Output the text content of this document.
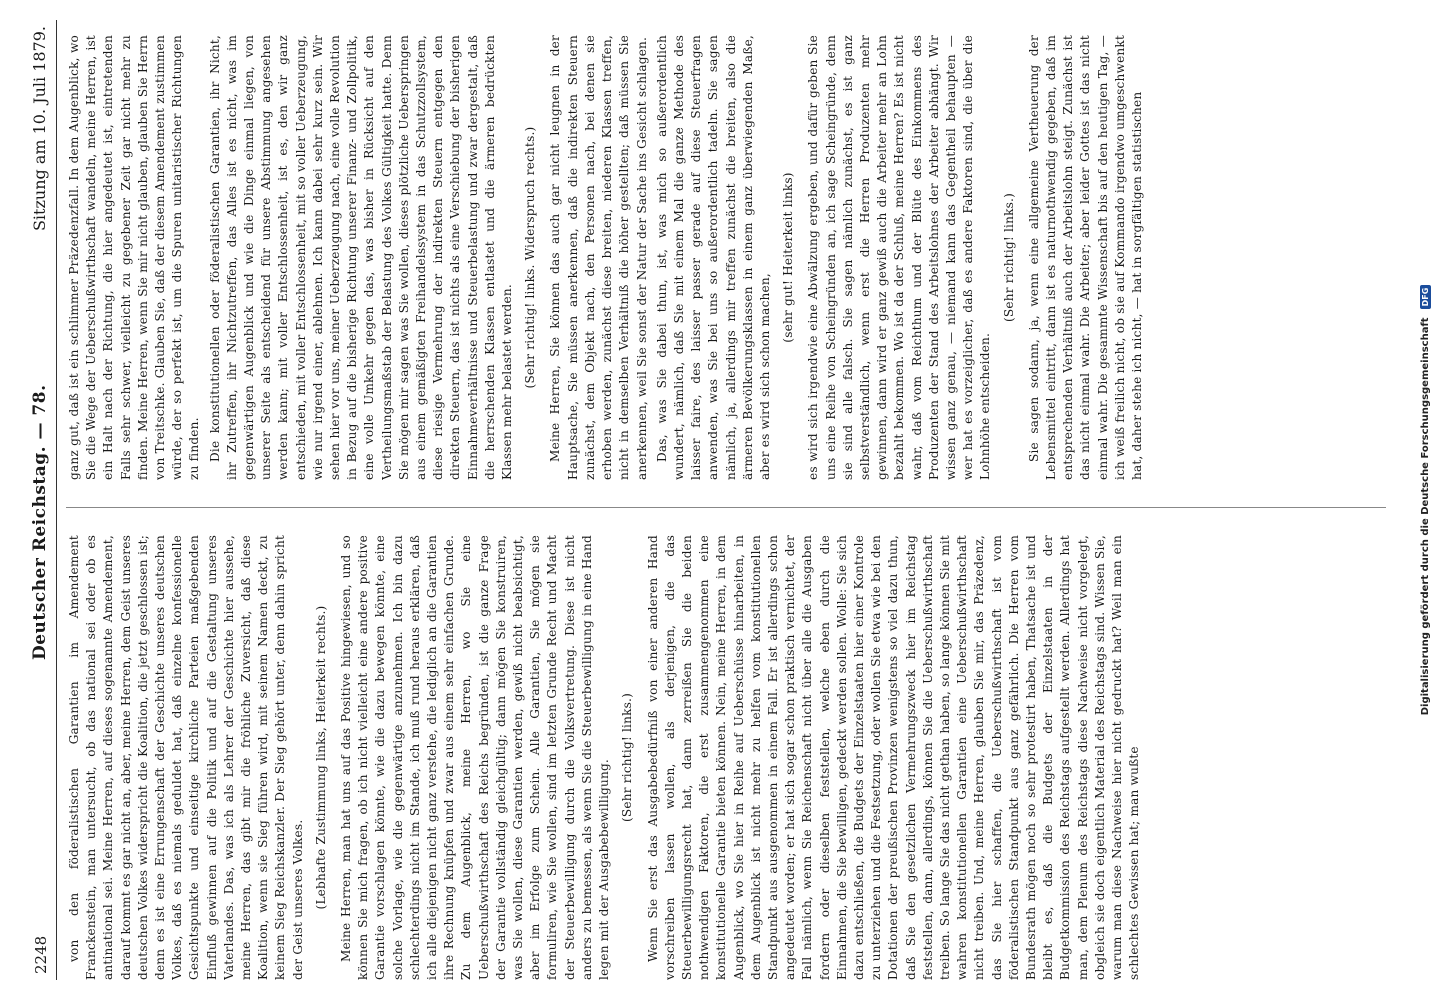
Digitalisierung gefördert durch die Deutsche Forschungsgemeinschaft
DFG
2248
Deutscher Reichstag. — 78.
Sitzung am 10. Juli 1879.

von den föderalistischen Garantien im Amendement Franckenstein, man untersucht, ob das national sei oder ob es antinational sei. Meine Herren, auf dieses sogenannte Amendement, darauf kommt es gar nicht an, aber, meine Herren, dem Geist unseres deutschen Volkes widerspricht die Koalition, die jetzt geschlossen ist; denn es ist eine Errungenschaft der Geschichte unseres deutschen Volkes, daß es niemals geduldet hat, daß einzelne konfessionelle Gesichtspunkte und einseitige kirchliche Parteien maßgebenden Einfluß gewinnen auf die Politik und auf die Gestaltung unseres Vaterlandes. Das, was ich als Lehrer der Geschichte hier aussehe, meine Herren, das gibt mir die fröhliche Zuversicht, daß diese Koalition, wenn sie Sieg führen wird, mit seinem Namen deckt, zu keinem Sieg Reichskanzler. Der Sieg gehört unter, denn dahin spricht der Geist unseres Volkes. (Lebhafte Zustimmung links, Heiterkeit rechts.) Meine Herren, man hat uns auf das Positive hingewiesen, und so können Sie mich fragen, ob ich nicht vielleicht eine andere positive Garantie vorschlagen könnte, wie die dazu bewegen könnte, eine solche Vorlage, wie die gegenwärtige anzunehmen. Ich bin dazu schlechterdings nicht im Stande, ich muß rund heraus erklären, daß ich alle diejenigen nicht ganz verstehe, die lediglich an die Garantien ihre Rechnung knüpfen und zwar aus einem sehr einfachen Grunde. Zu dem Augenblick, meine Herren, wo Sie eine Ueberschußwirthschaft des Reichs begründen, ist die ganze Frage der Garantie vollständig gleichgültig; dann mögen Sie konstruiren, was Sie wollen, diese Garantien werden, gewiß nicht beabsichtigt, aber im Erfolge zum Schein. Alle Garantien, Sie mögen sie formuliren, wie Sie wollen, sind im letzten Grunde Recht und Macht der Steuerbewilligung durch die Volksvertretung. Diese ist nicht anders zu bemessen, als wenn Sie die Steuerbewilligung in eine Hand legen mit der Ausgabebewilligung.

(Sehr richtig! links.) Wenn Sie erst das Ausgabebedürfniß von einer anderen Hand vorschreiben lassen wollen, als derjenigen, die das Steuerbewilligungsrecht hat, dann zerreißen Sie die beiden nothwendigen Faktoren, die erst zusammengenommen eine konstitutionelle Garantie bieten können. Nein, meine Herren, in dem Augenblick, wo Sie hier in Reihe auf Ueberschüsse hinarbeiten, in dem Augenblick ist nicht mehr zu helfen vom konstitutionellen Standpunkt aus ausgenommen in einem Fall. Er ist allerdings schon angedeutet worden; er hat sich sogar schon praktisch vernichtet, der Fall nämlich, wenn Sie Reichenschaft nicht über alle die Ausgaben fordern oder dieselben feststellen, welche eben durch die Einnahmen, die Sie bewilligen, gedeckt werden sollen. Wolle: Sie sich dazu entschließen, die Budgets der Einzelstaaten hier einer Kontrole zu unterziehen und die Festsetzung, oder wollen Sie etwa wie bei den Dotationen der preußischen Provinzen wenigstens so viel dazu thun, daß Sie den gesetzlichen Vermehrungszweck hier im Reichstag feststellen, dann, allerdings, können Sie die Ueberschußwirthschaft treiben. So lange Sie das nicht gethan haben, so lange können Sie mit wahren konstitutionellen Garantien eine Ueberschußwirthschaft nicht treiben. Und, meine Herren, glauben Sie mir, das Präzedenz, das Sie hier schaffen, die Ueberschußwirthschaft ist vom föderalistischen Standpunkt aus ganz gefährlich. Die Herren vom Bundesrath mögen noch so sehr protestirt haben, Thatsache ist und bleibt es, daß die Budgets der Einzelstaaten in der Budgetkommission des Reichstags aufgestellt werden. Allerdings hat man, dem Plenum des Reichstags diese Nachweise nicht vorgelegt, obgleich sie doch eigentlich Material des Reichstags sind. Wissen Sie, warum man diese Nachweise hier nicht gedruckt hat? Weil man ein schlechtes Gewissen hat; man wußte

ganz gut, daß ist ein schlimmer Präzedenzfall. In dem Augenblick, wo Sie die Wege der Ueberschußwirthschaft wandeln, meine Herren, ist ein Halt nach der Richtung, die hier angedeutet ist, eintretenden Falls sehr schwer, vielleicht zu gegebener Zeit gar nicht mehr zu finden. Meine Herren, wenn Sie mir nicht glauben, glauben Sie Herrn von Treitschke. Glauben Sie, daß der diesem Amendement zustimmen würde, der so perfekt ist, um die Spuren unitaristischer Richtungen zu finden. Die konstitutionellen oder föderalistischen Garantien, ihr Nicht, ihr Zutreffen, ihr Nichtzutreffen, das Alles ist es nicht, was im gegenwärtigen Augenblick und wie die Dinge einmal liegen, von unserer Seite als entscheidend für unsere Abstimmung angesehen werden kann; mit voller Entschlossenheit, ist es, den wir ganz entschieden, mit voller Entschlossenheit, mit so voller Ueberzeugung, wie nur irgend einer, ablehnen. Ich kann dabei sehr kurz sein. Wir sehen hier vor uns, meiner Ueberzeugung nach, eine volle Revolution in Bezug auf die bisherige Richtung unserer Finanz- und Zollpolitik, eine volle Umkehr gegen das, was bisher in Rücksicht auf den Vertheilungsmaßstab der Belastung des Volkes Gültigkeit hatte. Denn Sie mögen mir sagen was Sie wollen, dieses plötzliche Ueberspringen aus einem gemäßigten Freihandelssystem in das Schutzzollsystem, diese riesige Vermehrung der indirekten Steuern entgegen den direkten Steuern, das ist nichts als eine Verschiebung der bisherigen Einnahmeverhältnisse und Steuerbelastung und zwar dergestalt, daß die herrschenden Klassen entlastet und die ärmeren bedrückten Klassen mehr belastet werden. (Sehr richtig! links. Widerspruch rechts.) Meine Herren, Sie können das auch gar nicht leugnen in der Hauptsache, Sie müssen anerkennen, daß die indirekten Steuern zunächst, dem Objekt nach, den Personen nach, bei denen sie erhoben werden, zunächst diese breiten, niederen Klassen treffen, nicht in demselben Verhältniß die höher gestellten; daß müssen Sie anerkennen, weil Sie sonst der Natur der Sache ins Gesicht schlagen. Das, was Sie dabei thun, ist, was mich so außerordentlich wundert, nämlich, daß Sie mit einem Mal die ganze Methode des laisser faire, des laisser passer gerade auf diese Steuerfragen anwenden, was Sie bei uns so außerordentlich tadeln. Sie sagen nämlich, ja, allerdings mir treffen zunächst die breiten, also die ärmeren Bevölkerungsklassen in einem ganz überwiegenden Maße, aber es wird sich schon machen,

(sehr gut! Heiterkeit links) es wird sich irgendwie eine Abwälzung ergeben, und dafür geben Sie uns eine Reihe von Scheingründen an, ich sage Scheingründe, denn sie sind alle falsch. Sie sagen nämlich zunächst, es ist ganz selbstverständlich, wenn erst die Herren Produzenten mehr gewinnen, dann wird er ganz gewiß auch die Arbeiter mehr an Lohn bezahlt bekommen. Wo ist da der Schluß, meine Herren? Es ist nicht wahr, daß vom Reichthum und der Blüte des Einkommens des Produzenten der Stand des Arbeitslohnes der Arbeiter abhängt. Wir wissen ganz genau, — niemand kann das Gegentheil behaupten — wer hat es vorzeiglicher, daß es andere Faktoren sind, die über die Lohnhöhe entscheiden.

(Sehr richtig! links.) Sie sagen sodann, ja, wenn eine allgemeine Vertheuerung der Lebensmittel eintritt, dann ist es naturnothwendig gegeben, daß im entsprechenden Verhältniß auch der Arbeitslohn steigt. Zunächst ist das nicht einmal wahr. Die Arbeiter; aber leider Gottes ist das nicht einmal wahr. Die gesammte Wissenschaft bis auf den heutigen Tag, — ich weiß freilich nicht, ob sie auf Kommando irgendwo umgeschwenkt hat, daher stehe ich nicht, — hat in sorgfältigen statistischen
